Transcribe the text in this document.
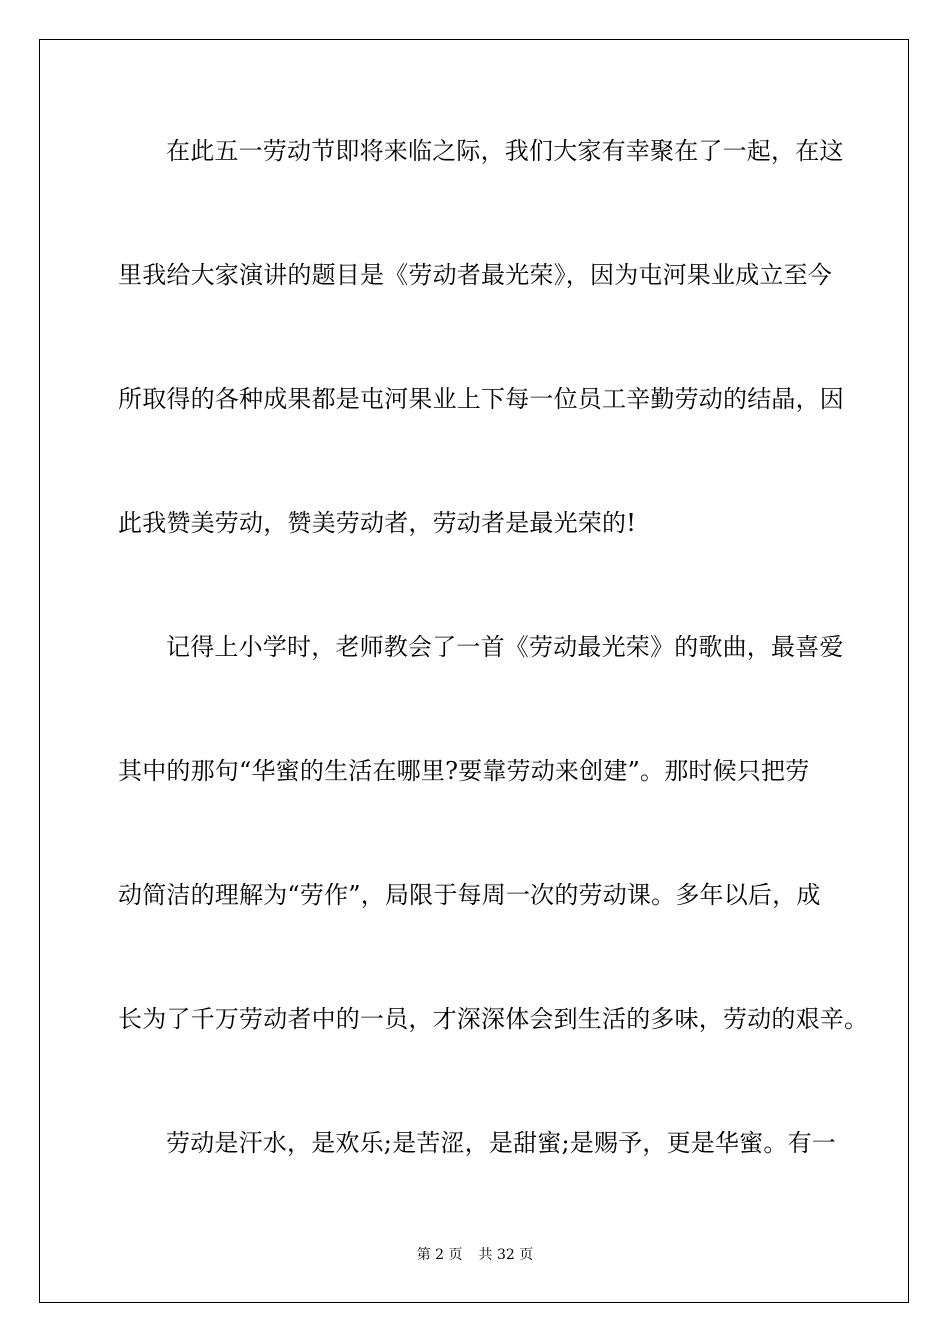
在此五一劳动节即将来临之际，我们大家有幸聚在了一起，在这
里我给大家演讲的题目是《劳动者最光荣》，因为屯河果业成立至今
所取得的各种成果都是屯河果业上下每一位员工辛勤劳动的结晶，因
此我赞美劳动，赞美劳动者，劳动者是最光荣的!
记得上小学时，老师教会了一首《劳动最光荣》的歌曲，最喜爱
其中的那句“华蜜的生活在哪里?要靠劳动来创建”。那时候只把劳
动简洁的理解为“劳作”，局限于每周一次的劳动课。多年以后，成
长为了千万劳动者中的一员，才深深体会到生活的多味，劳动的艰辛。
劳动是汗水，是欢乐;是苦涩，是甜蜜;是赐予，更是华蜜。有一
第 2 页 共 32 页
